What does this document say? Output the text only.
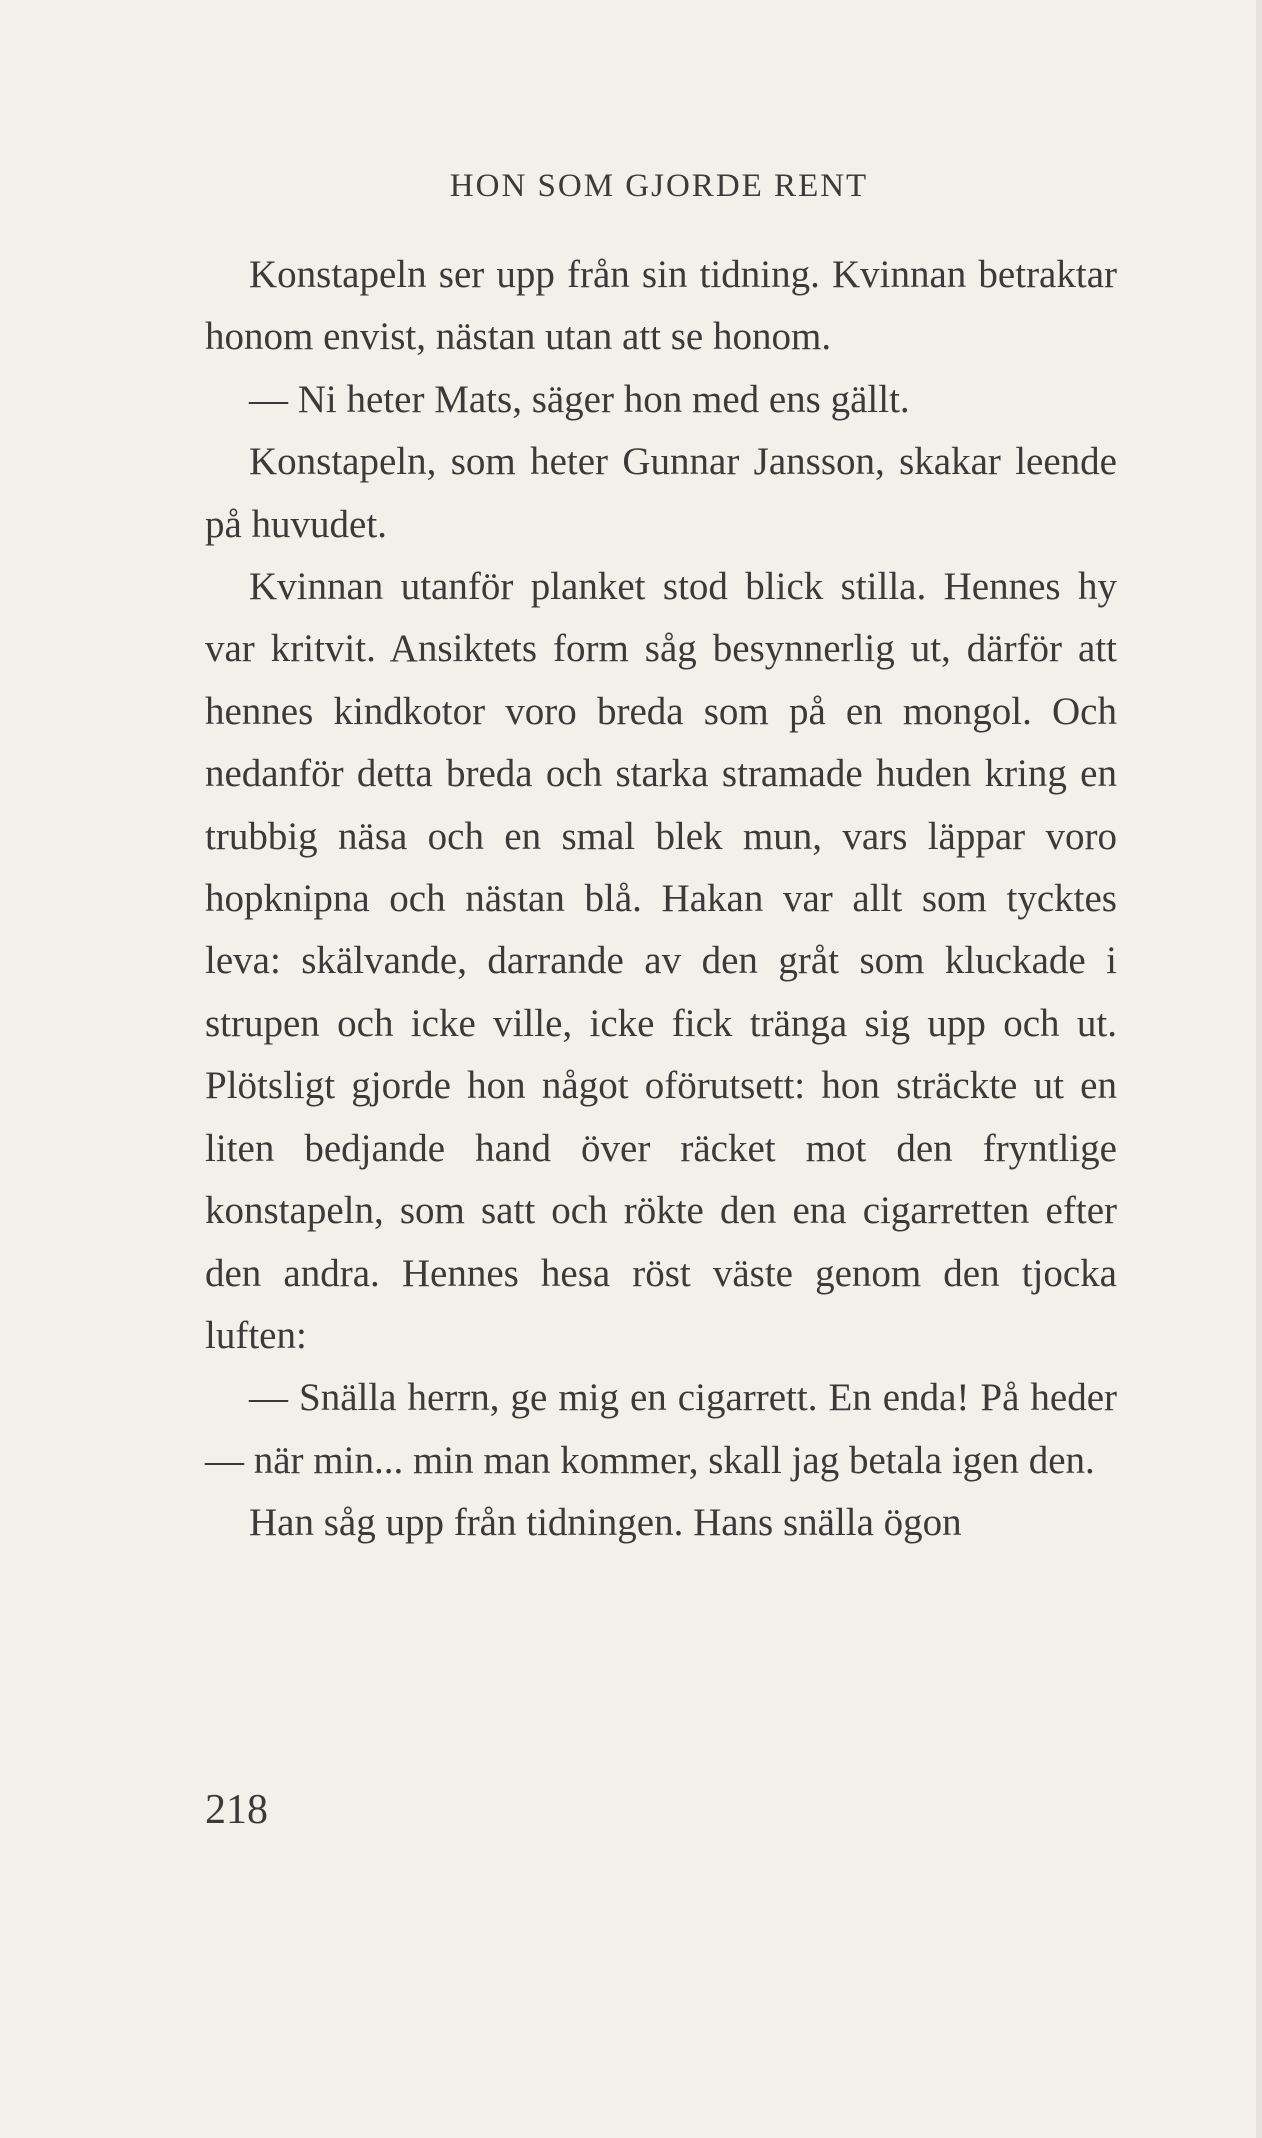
HON SOM GJORDE RENT

Konstapeln ser upp från sin tidning. Kvinnan betraktar honom envist, nästan utan att se honom.

— Ni heter Mats, säger hon med ens gällt.

Konstapeln, som heter Gunnar Jansson, skakar leende på huvudet.

Kvinnan utanför planket stod blick stilla. Hennes hy var kritvit. Ansiktets form såg besynnerlig ut, därför att hennes kindkotor voro breda som på en mongol. Och nedanför detta breda och starka stramade huden kring en trubbig näsa och en smal blek mun, vars läppar voro hopknipna och nästan blå. Hakan var allt som tycktes leva: skälvande, darrande av den gråt som kluckade i strupen och icke ville, icke fick tränga sig upp och ut. Plötsligt gjorde hon något oförutsett: hon sträckte ut en liten bedjande hand över räcket mot den fryntlige konstapeln, som satt och rökte den ena cigarretten efter den andra. Hennes hesa röst väste genom den tjocka luften:

— Snälla herrn, ge mig en cigarrett. En enda! På heder — när min... min man kommer, skall jag betala igen den.

Han såg upp från tidningen. Hans snälla ögon

218
